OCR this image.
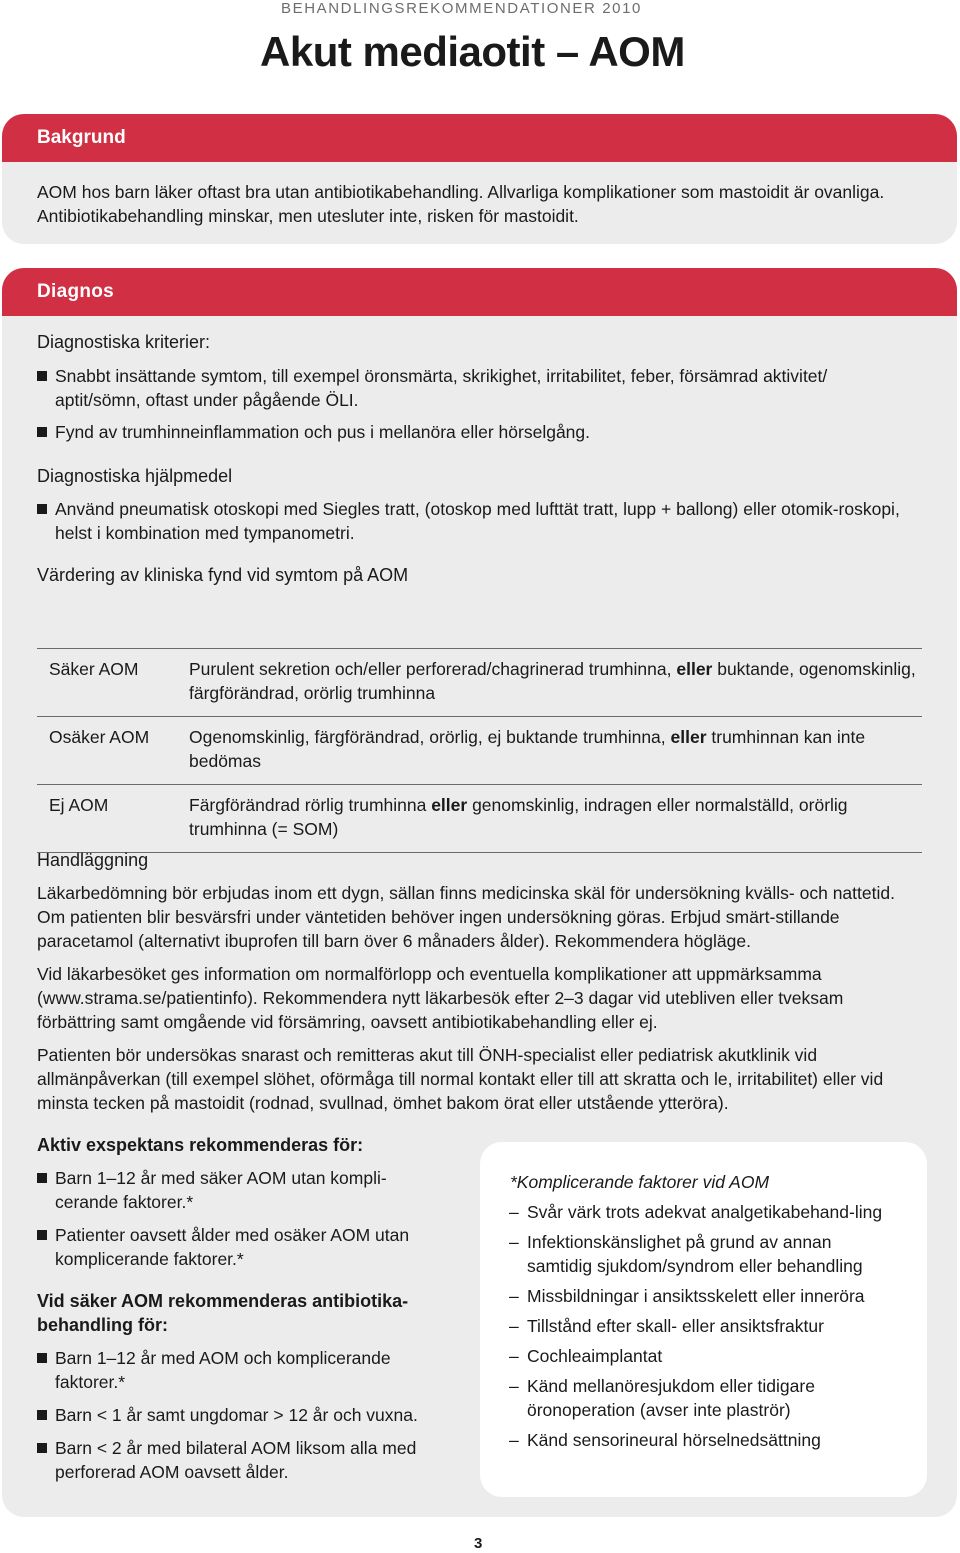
BEHANDLINGSREKOMMENDATIONER 2010
Akut mediaotit – AOM
Bakgrund

AOM hos barn läker oftast bra utan antibiotikabehandling. Allvarliga komplikationer som mastoidit är ovanliga. Antibiotikabehandling minskar, men utesluter inte, risken för mastoidit.

Diagnos
Diagnostiska kriterier:
Snabbt insättande symtom, till exempel öronsmärta, skrikighet, irritabilitet, feber, försämrad aktivitet/ aptit/sömn, oftast under pågående ÖLI.
Fynd av trumhinneinflammation och pus i mellanöra eller hörselgång.
Diagnostiska hjälpmedel
Använd pneumatisk otoskopi med Siegles tratt, (otoskop med lufttät tratt, lupp + ballong) eller otomik-roskopi, helst i kombination med tympanometri.
Värdering av kliniska fynd vid symtom på AOM
Säker AOM	Purulent sekretion och/eller perforerad/chagrinerad trumhinna, eller buktande, ogenomskinlig, färgförändrad, orörlig trumhinna
Osäker AOM	Ogenomskinlig, färgförändrad, orörlig, ej buktande trumhinna, eller trumhinnan kan inte bedömas
Ej AOM	Färgförändrad rörlig trumhinna eller genomskinlig, indragen eller normalställd, orörlig trumhinna (= SOM)
Handläggning

Läkarbedömning bör erbjudas inom ett dygn, sällan finns medicinska skäl för undersökning kvälls- och nattetid. Om patienten blir besvärsfri under väntetiden behöver ingen undersökning göras. Erbjud smärt-stillande paracetamol (alternativt ibuprofen till barn över 6 månaders ålder). Rekommendera högläge.

Vid läkarbesöket ges information om normalförlopp och eventuella komplikationer att uppmärksamma (www.strama.se/patientinfo). Rekommendera nytt läkarbesök efter 2–3 dagar vid utebliven eller tveksam förbättring samt omgående vid försämring, oavsett antibiotikabehandling eller ej.

Patienten bör undersökas snarast och remitteras akut till ÖNH-specialist eller pediatrisk akutklinik vid allmänpåverkan (till exempel slöhet, oförmåga till normal kontakt eller till att skratta och le, irritabilitet) eller vid minsta tecken på mastoidit (rodnad, svullnad, ömhet bakom örat eller utstående ytteröra).

Aktiv exspektans rekommenderas för:
Barn 1–12 år med säker AOM utan kompli-cerande faktorer.*
Patienter oavsett ålder med osäker AOM utan komplicerande faktorer.*
Vid säker AOM rekommenderas antibiotika-behandling för:
Barn 1–12 år med AOM och komplicerande faktorer.*
Barn < 1 år samt ungdomar > 12 år och vuxna.
Barn < 2 år med bilateral AOM liksom alla med perforerad AOM oavsett ålder.
*Komplicerande faktorer vid AOM
– Svår värk trots adekvat analgetikabehand-ling
– Infektionskänslighet på grund av annan samtidig sjukdom/syndrom eller behandling
– Missbildningar i ansiktsskelett eller inneröra
– Tillstånd efter skall- eller ansiktsfraktur
– Cochleaimplantat
– Känd mellanöresjukdom eller tidigare öronoperation (avser inte plaströr)
– Känd sensorineural hörselnedsättning
3
